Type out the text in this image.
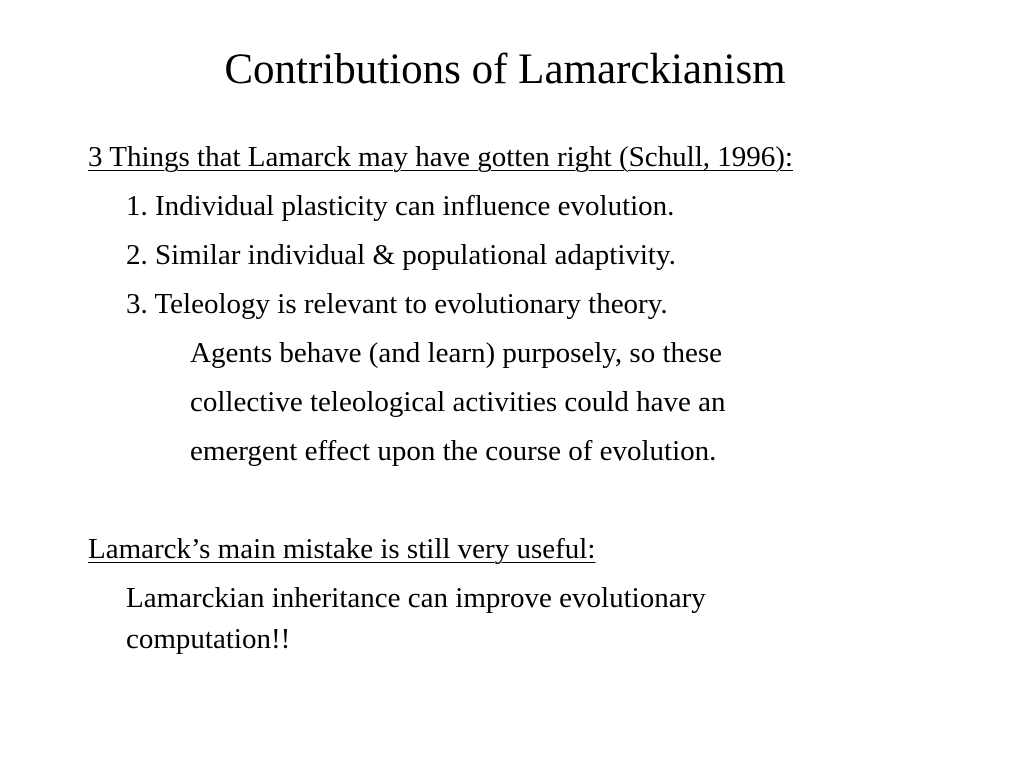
Contributions of Lamarckianism
3 Things that Lamarck may have gotten right (Schull, 1996):
1. Individual plasticity can influence evolution.
2. Similar individual & populational adaptivity.
3. Teleology is relevant to evolutionary theory.
Agents behave (and learn) purposely, so these
collective teleological activities could have an
emergent effect upon the course of evolution.
Lamarck’s main mistake is still very useful:
Lamarckian inheritance can improve evolutionary
computation!!
